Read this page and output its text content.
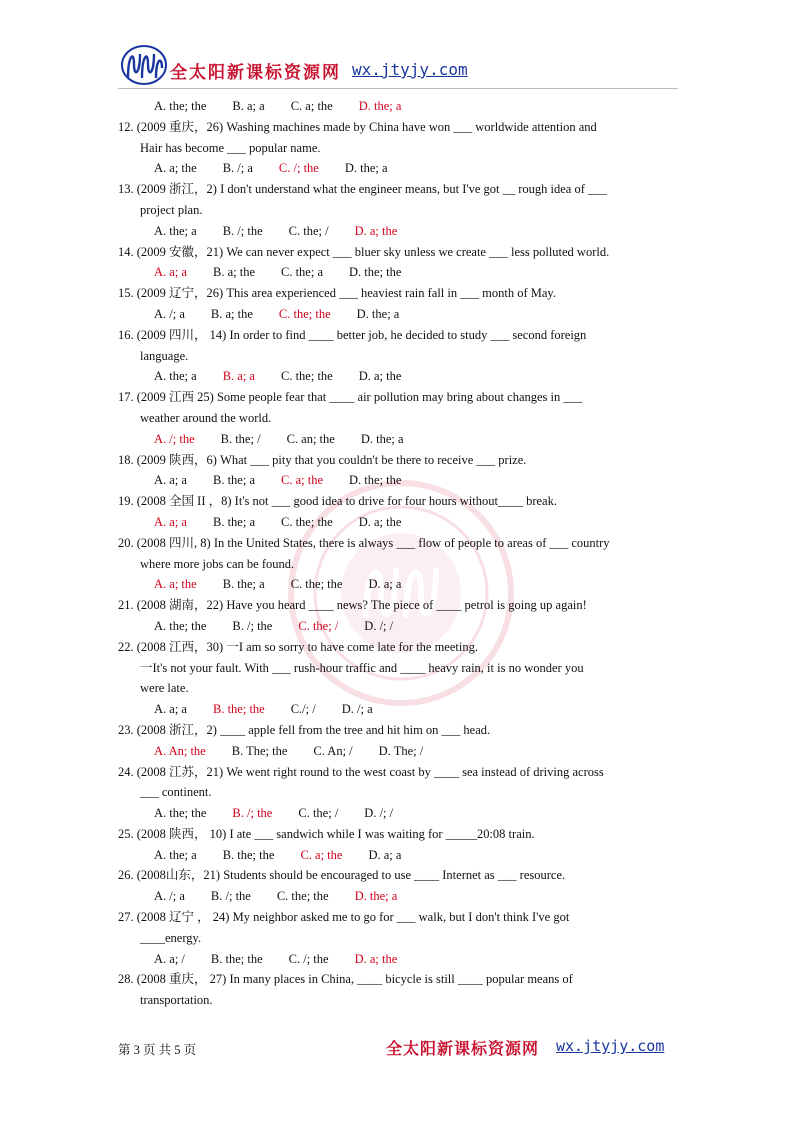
全太阳新课标资源网 wx.jtyjy.com
A. the; the B. a; a C. a; the D. the; a
12. (2009 重庆，26) Washing machines made by China have won ___ worldwide attention and
Hair has become ___ popular name.
A. a; the B. /; a C. /; the D. the; a
13. (2009 浙江，2) I don't understand what the engineer means, but I've got __ rough idea of ___
project plan.
A. the; a B. /; the C. the; / D. a; the
14. (2009 安徽，21) We can never expect ___ bluer sky unless we create ___ less polluted world.
A. a; a B. a; the C. the; a D. the; the
15. (2009 辽宁，26) This area experienced ___ heaviest rain fall in ___ month of May.
A. /; a B. a; the C. the; the D. the; a
16. (2009 四川， 14) In order to find ____ better job, he decided to study ___ second foreign
language.
A. the; a B. a; a C. the; the D. a; the
17. (2009 江西 25) Some people fear that ____ air pollution may bring about changes in ___
weather around the world.
A. /; the B. the; / C. an; the D. the; a
18. (2009 陕西，6) What ___ pity that you couldn't be there to receive ___ prize.
A. a; a B. the; a C. a; the D. the; the
19. (2008 全国 II ，8) It's not ___ good idea to drive for four hours without____ break.
A. a; a B. the; a C. the; the D. a; the
20. (2008 四川, 8) In the United States, there is always ___ flow of people to areas of ___ country
where more jobs can be found.
A. a; the B. the; a C. the; the D. a; a
21. (2008 湖南，22) Have you heard ____ news? The piece of ____ petrol is going up again!
A. the; the B. /; the C. the; / D. /; /
22. (2008 江西，30) 一I am so sorry to have come late for the meeting.
一It's not your fault. With ___ rush-hour traffic and ____ heavy rain, it is no wonder you
were late.
A. a; a B. the; the C./; / D. /; a
23. (2008 浙江，2) ____ apple fell from the tree and hit him on ___ head.
A. An; the B. The; the C. An; / D. The; /
24. (2008 江苏，21) We went right round to the west coast by ____ sea instead of driving across
___ continent.
A. the; the B. /; the C. the; / D. /; /
25. (2008 陕西， 10) I ate ___ sandwich while I was waiting for _____20:08 train.
A. the; a B. the; the C. a; the D. a; a
26. (2008山东，21) Students should be encouraged to use ____ Internet as ___ resource.
A. /; a B. /; the C. the; the D. the; a
27. (2008 辽宁 ， 24) My neighbor asked me to go for ___ walk, but I don't think I've got
____energy.
A. a; / B. the; the C. /; the D. a; the
28. (2008 重庆， 27) In many places in China, ____ bicycle is still ____ popular means of
transportation.
第 3 页 共 5 页	全太阳新课标资源网 wx.jtyjy.com
